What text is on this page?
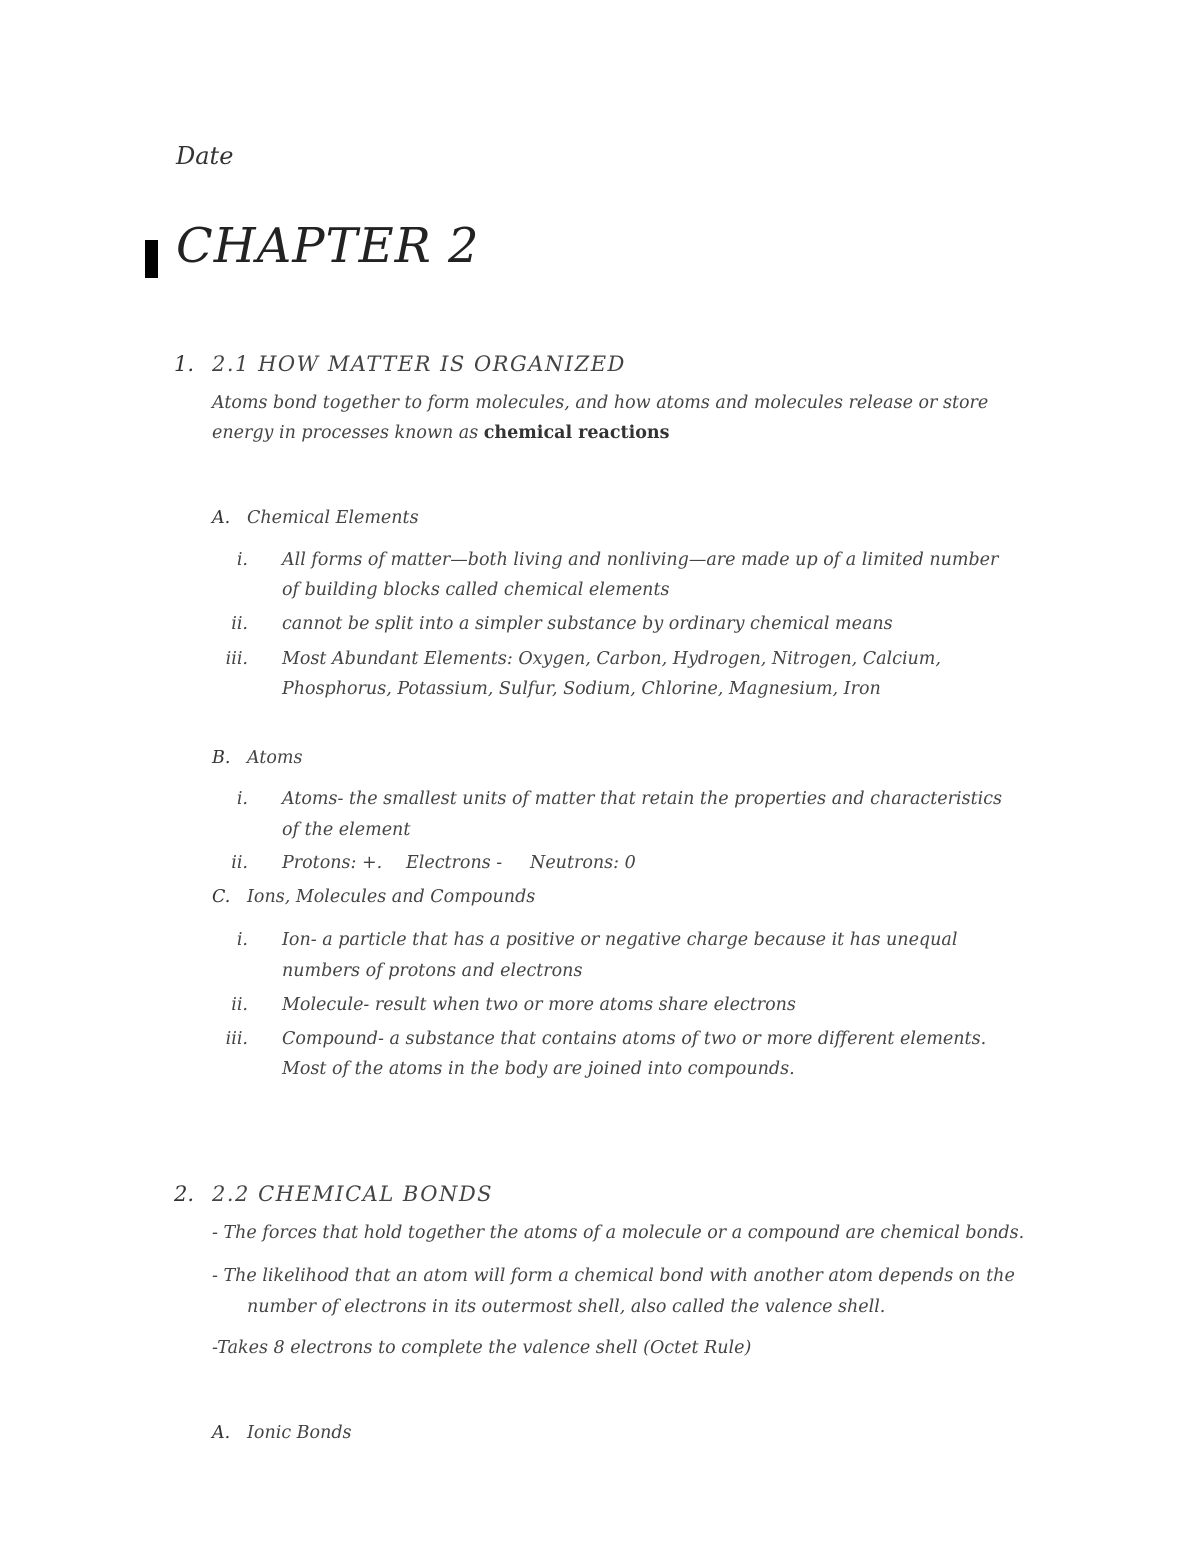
Date
CHAPTER 2
1. 2.1 HOW MATTER IS ORGANIZED
Atoms bond together to form molecules, and how atoms and molecules release or store
energy in processes known as chemical reactions
A. Chemical Elements
i. All forms of matter—both living and nonliving—are made up of a limited number
of building blocks called chemical elements
ii. cannot be split into a simpler substance by ordinary chemical means
iii. Most Abundant Elements: Oxygen, Carbon, Hydrogen, Nitrogen, Calcium,
Phosphorus, Potassium, Sulfur, Sodium, Chlorine, Magnesium, Iron
B. Atoms
i. Atoms- the smallest units of matter that retain the properties and characteristics
of the element
ii. Protons: +. Electrons - Neutrons: 0
C. Ions, Molecules and Compounds
i. Ion- a particle that has a positive or negative charge because it has unequal
numbers of protons and electrons
ii. Molecule- result when two or more atoms share electrons
iii. Compound- a substance that contains atoms of two or more different elements.
Most of the atoms in the body are joined into compounds.
2. 2.2 CHEMICAL BONDS
- The forces that hold together the atoms of a molecule or a compound are chemical bonds.
- The likelihood that an atom will form a chemical bond with another atom depends on the
number of electrons in its outermost shell, also called the valence shell.
-Takes 8 electrons to complete the valence shell (Octet Rule)
A. Ionic Bonds
